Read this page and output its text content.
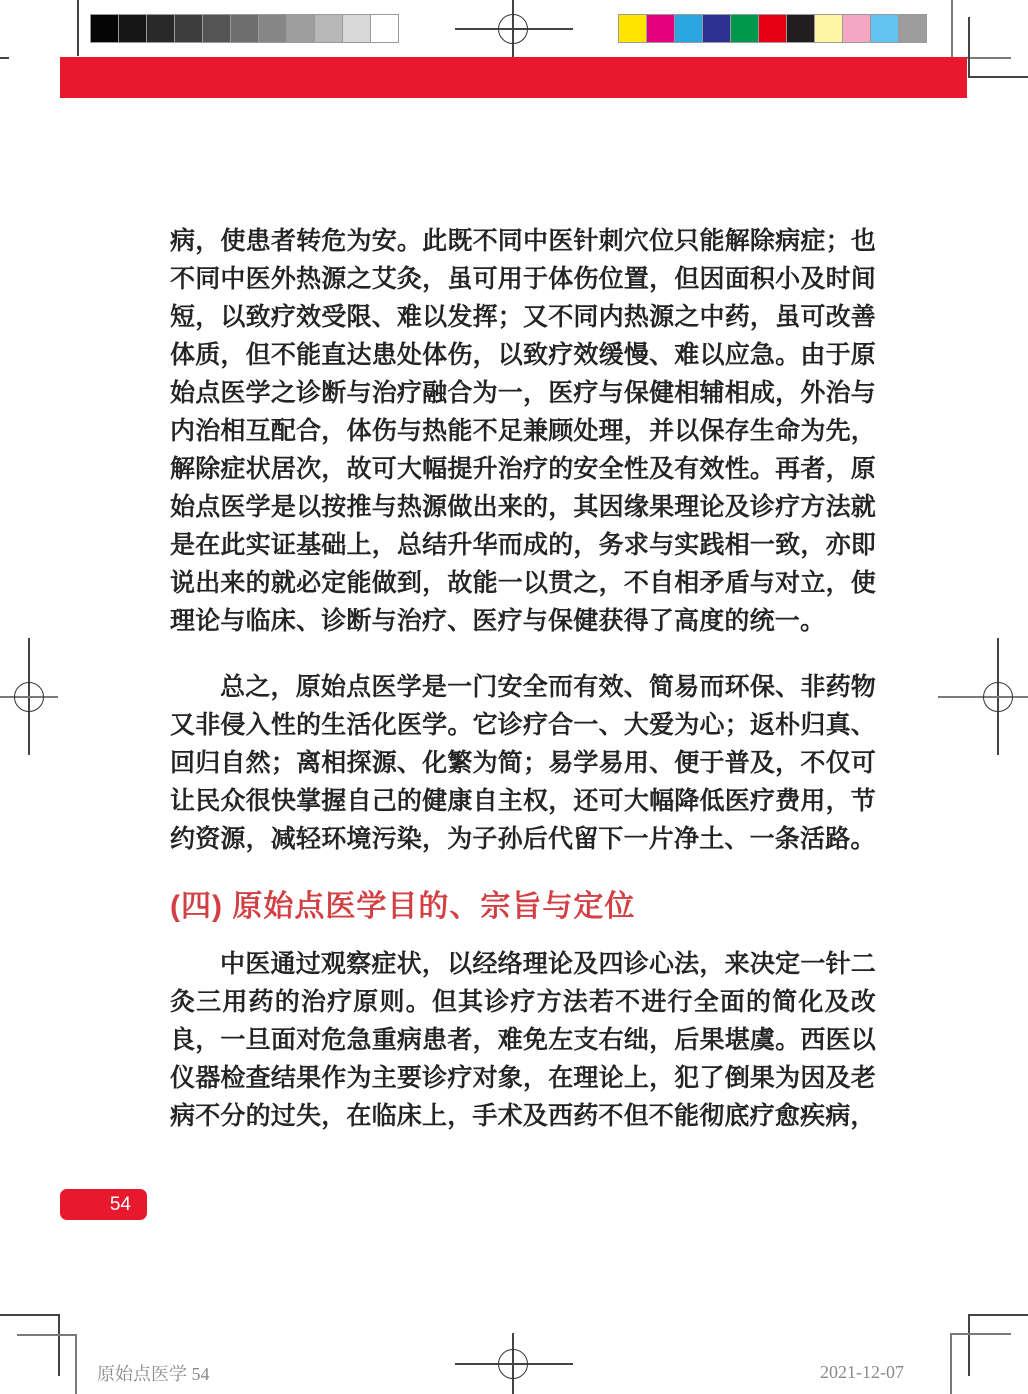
病，使患者转危为安。此既不同中医针刺穴位只能解除病症；也不同中医外热源之艾灸，虽可用于体伤位置，但因面积小及时间短，以致疗效受限、难以发挥；又不同内热源之中药，虽可改善体质，但不能直达患处体伤，以致疗效缓慢、难以应急。由于原始点医学之诊断与治疗融合为一，医疗与保健相辅相成，外治与内治相互配合，体伤与热能不足兼顾处理，并以保存生命为先，解除症状居次，故可大幅提升治疗的安全性及有效性。再者，原始点医学是以按推与热源做出来的，其因缘果理论及诊疗方法就是在此实证基础上，总结升华而成的，务求与实践相一致，亦即说出来的就必定能做到，故能一以贯之，不自相矛盾与对立，使理论与临床、诊断与治疗、医疗与保健获得了高度的统一。

总之，原始点医学是一门安全而有效、简易而环保、非药物又非侵入性的生活化医学。它诊疗合一、大爱为心；返朴归真、回归自然；离相探源、化繁为简；易学易用、便于普及，不仅可让民众很快掌握自己的健康自主权，还可大幅降低医疗费用，节约资源，减轻环境污染，为子孙后代留下一片净土、一条活路。

(四) 原始点医学目的、宗旨与定位

中医通过观察症状，以经络理论及四诊心法，来决定一针二灸三用药的治疗原则。但其诊疗方法若不进行全面的简化及改良，一旦面对危急重病患者，难免左支右绌，后果堪虞。西医以仪器检查结果作为主要诊疗对象，在理论上，犯了倒果为因及老病不分的过失，在临床上，手术及西药不但不能彻底疗愈疾病，

54
原始点医学 54	2021-12-07
